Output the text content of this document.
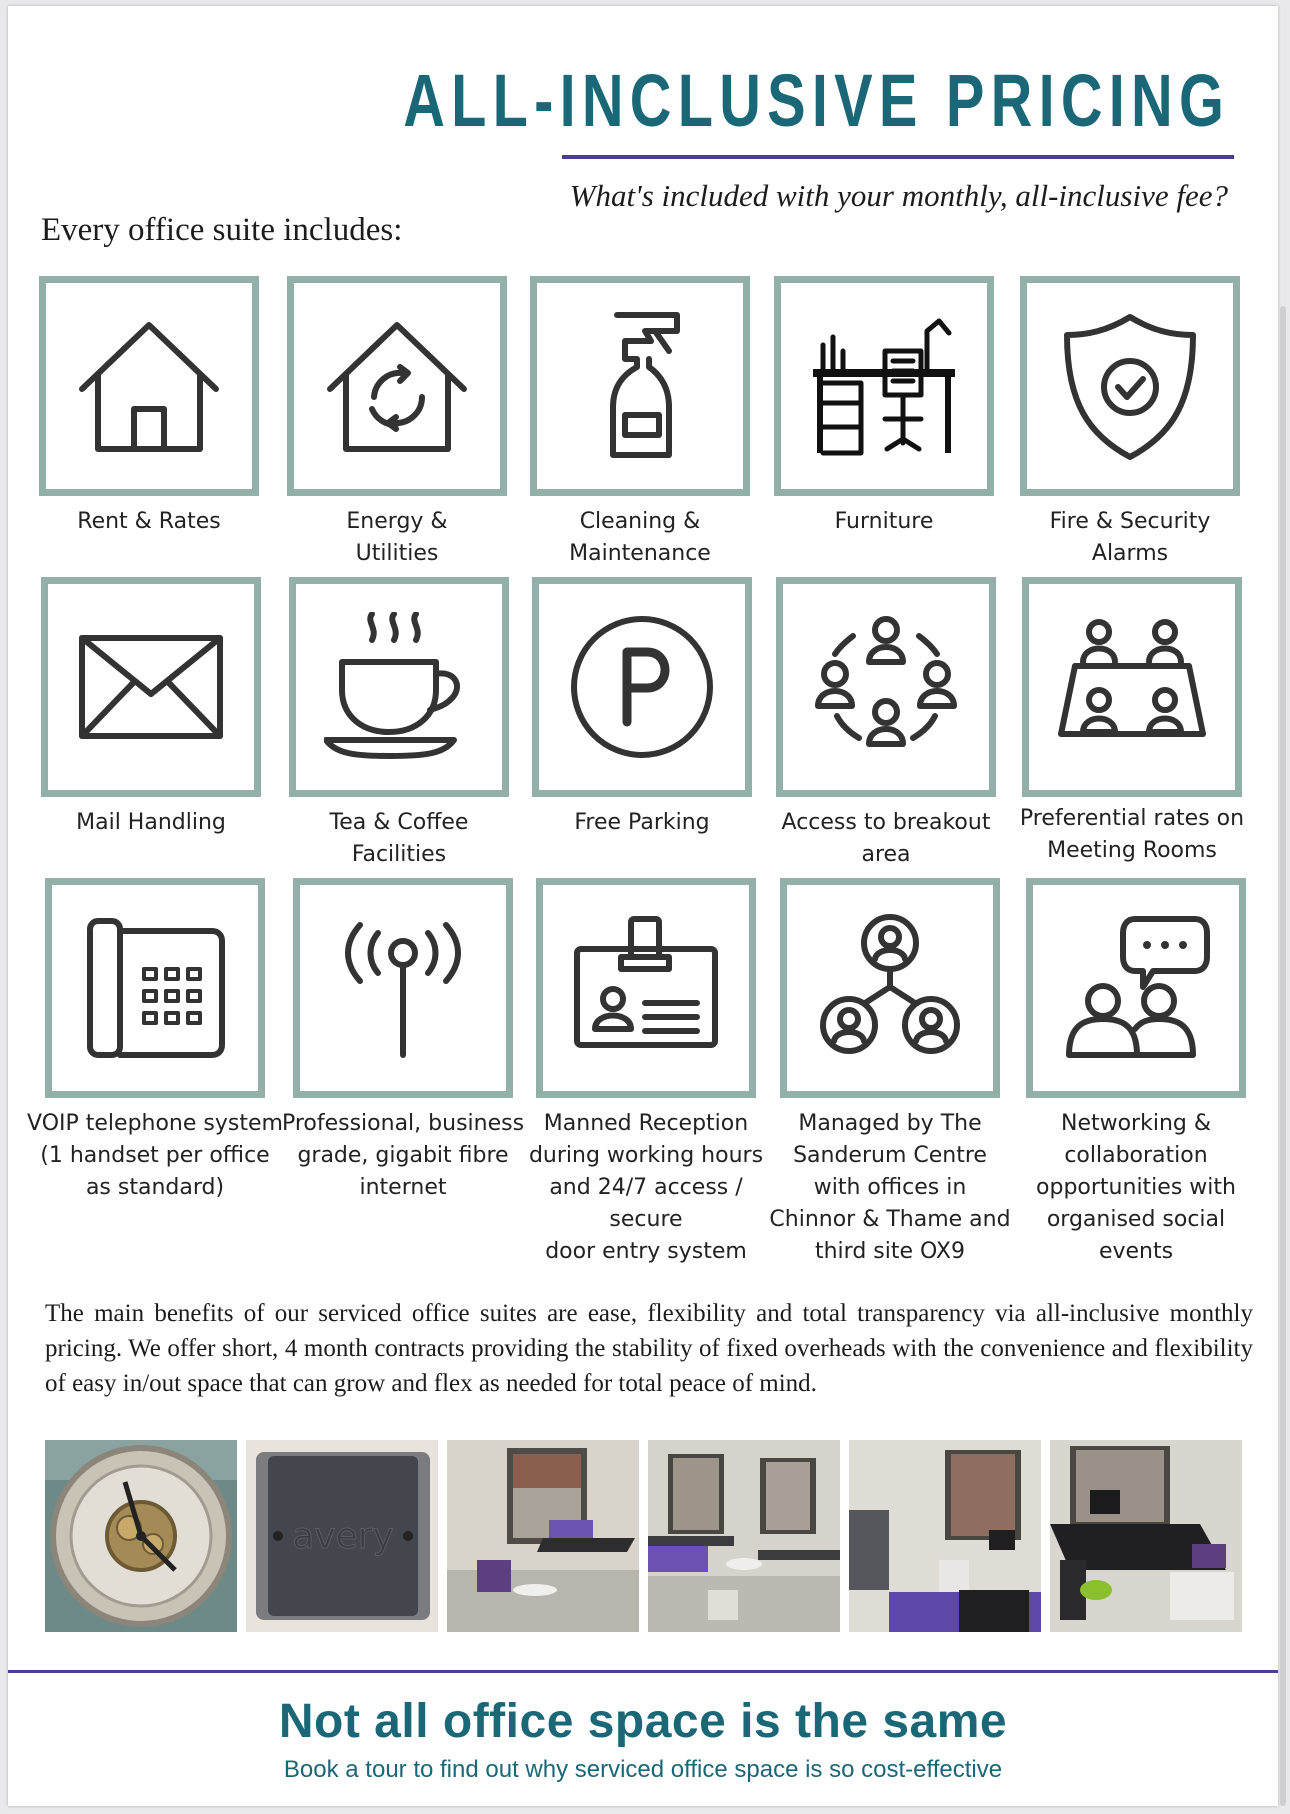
ALL-INCLUSIVE PRICING

What's included with your monthly, all-inclusive fee?

Every office suite includes:

Rent & Rates	Energy &
Utilities
Cleaning &
Maintenance
Furniture	Fire & Security
Alarms
Mail Handling	Tea & Coffee
Facilities
Free Parking	Access to breakout
area
Preferential rates on
Meeting Rooms
VOIP telephone system
(1 handset per office
as standard)
Professional, business
grade, gigabit fibre
internet
Manned Reception
during working hours
and 24/7 access / secure
door entry system
Managed by The
Sanderum Centre
with offices in
Chinnor & Thame and
third site OX9
Networking &
collaboration
opportunities with
organised social
events

The main benefits of our serviced office suites are ease, flexibility and total transparency via all-inclusive monthly pricing. We offer short, 4 month contracts providing the stability of fixed overheads with the convenience and flexibility of easy in/out space that can grow and flex as needed for total peace of mind.

avery
Not all office space is the same

Book a tour to find out why serviced office space is so cost-effective
